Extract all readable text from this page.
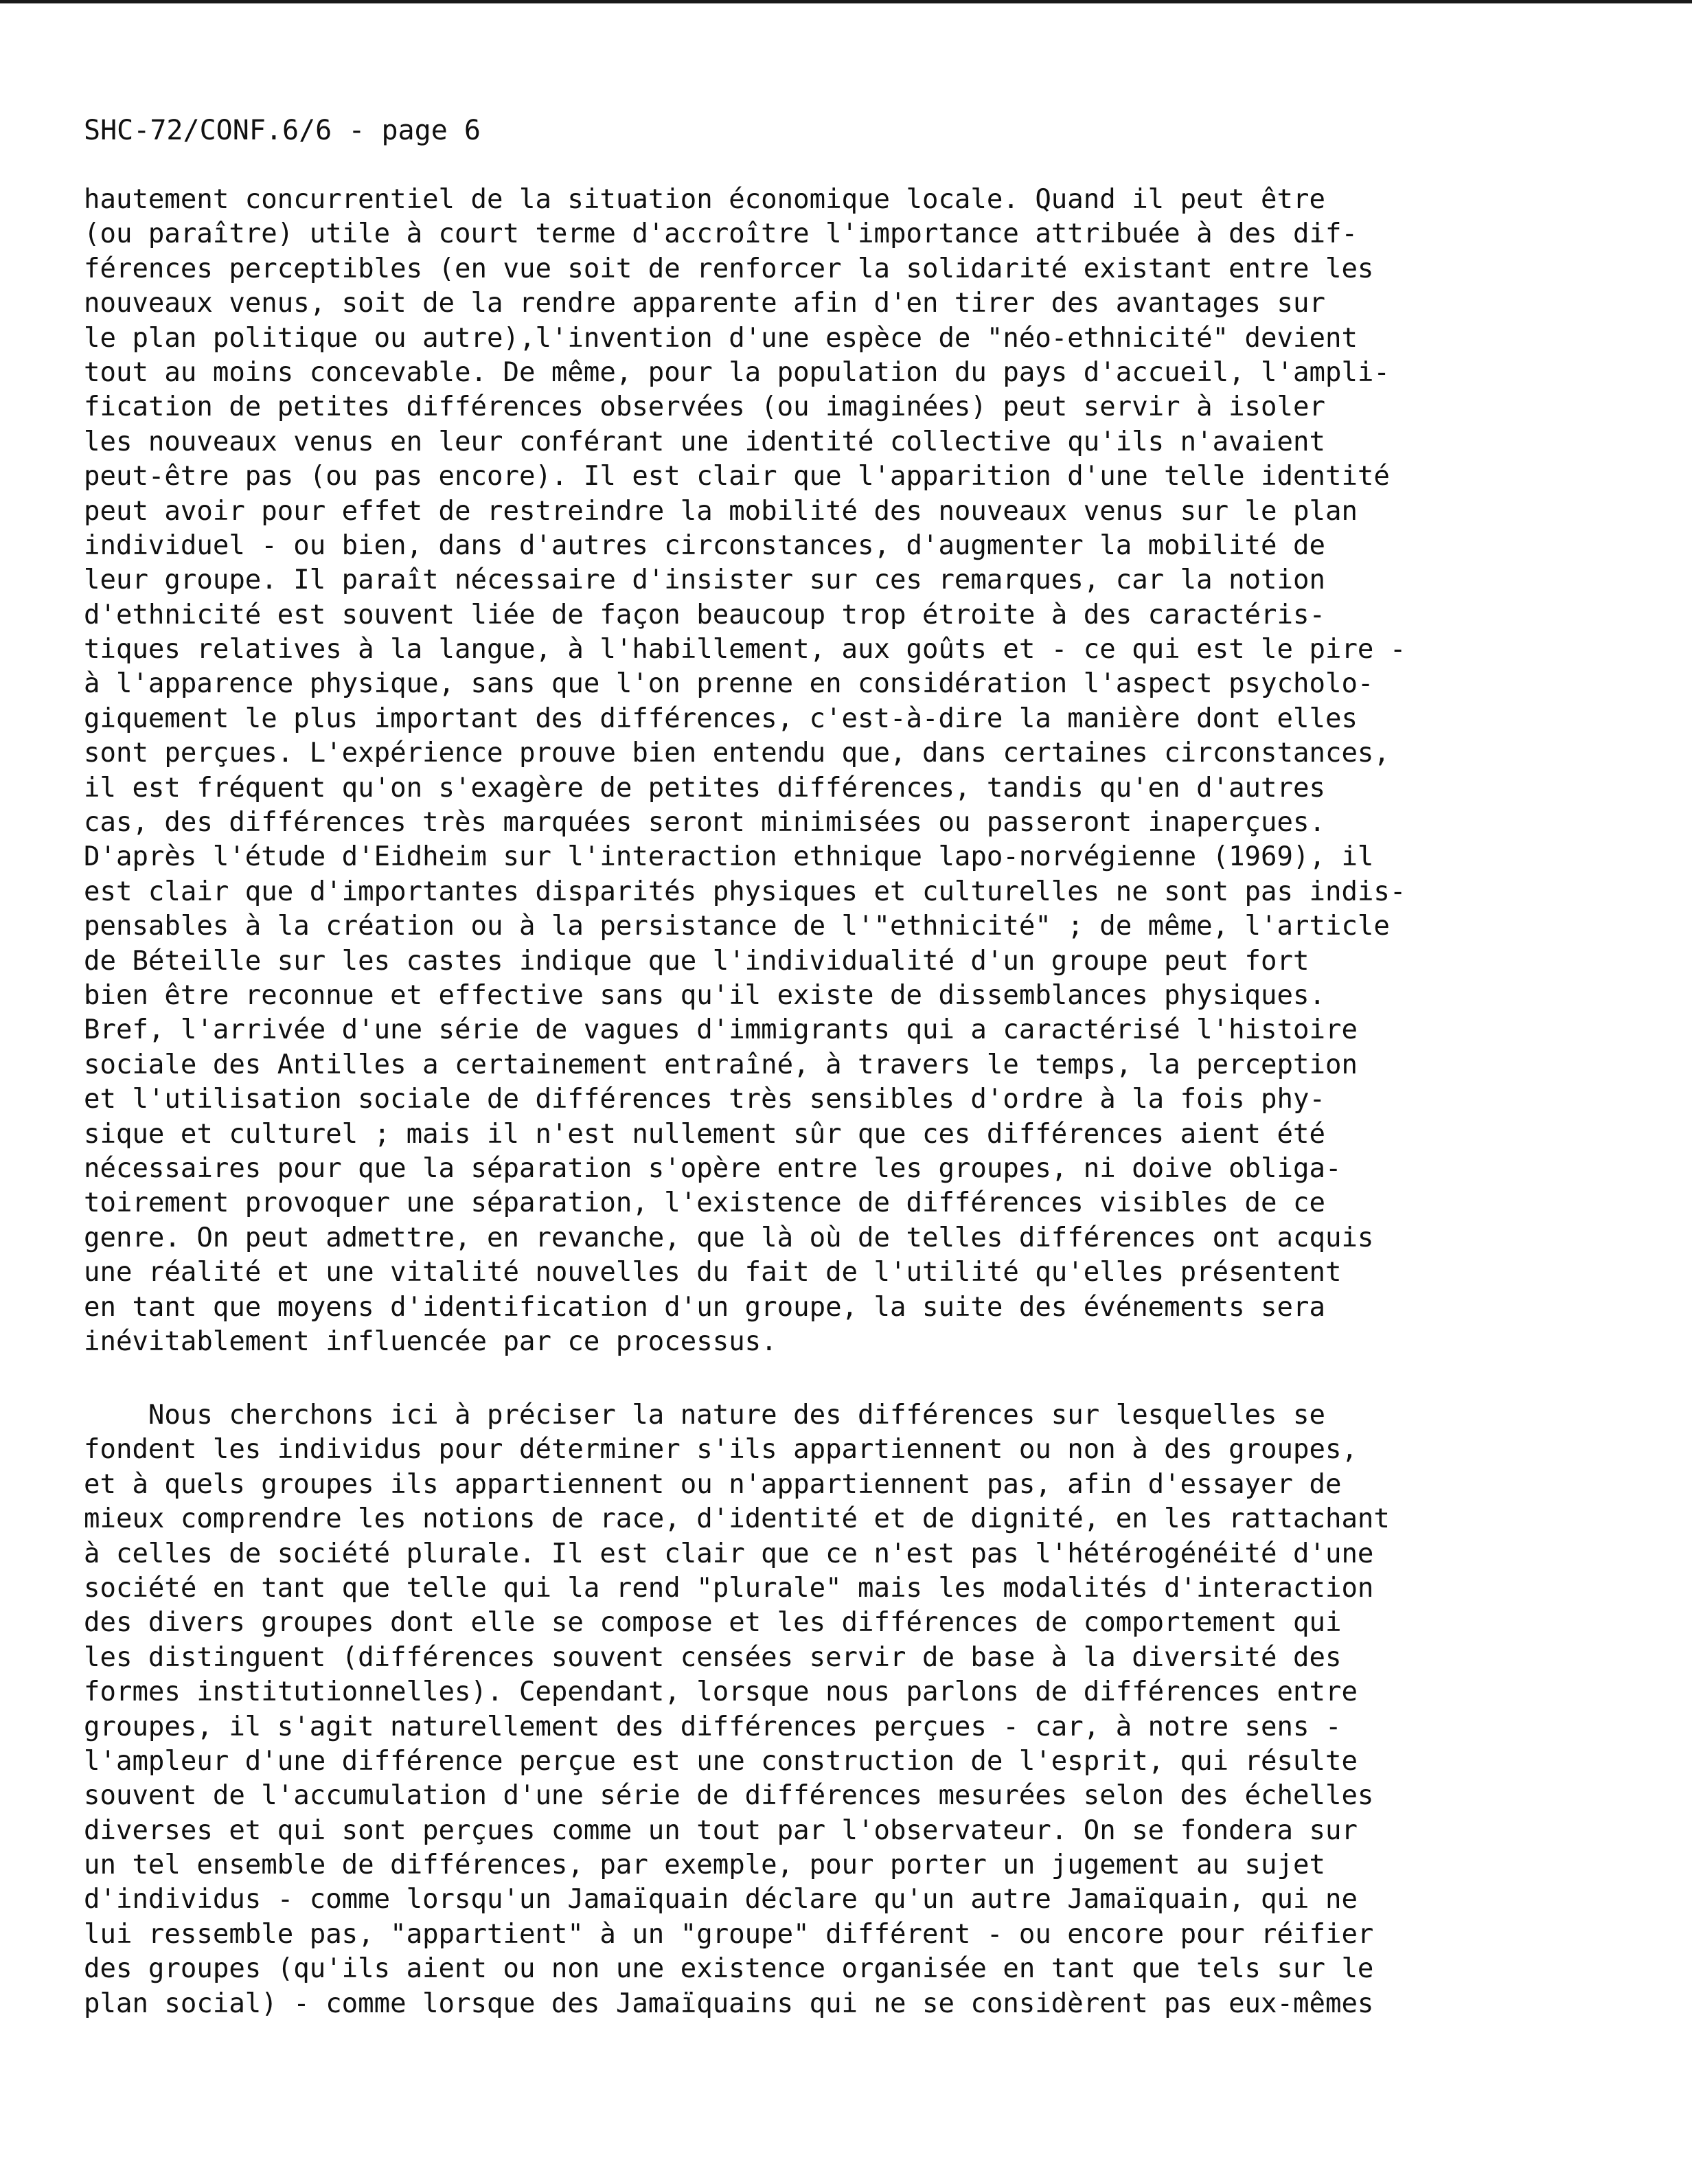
SHC-72/CONF.6/6 - page 6
hautement concurrentiel de la situation économique locale. Quand il peut être
(ou paraître) utile à court terme d'accroître l'importance attribuée à des dif-
férences perceptibles (en vue soit de renforcer la solidarité existant entre les
nouveaux venus, soit de la rendre apparente afin d'en tirer des avantages sur
le plan politique ou autre),l'invention d'une espèce de "néo-ethnicité" devient
tout au moins concevable. De même, pour la population du pays d'accueil, l'ampli-
fication de petites différences observées (ou imaginées) peut servir à isoler
les nouveaux venus en leur conférant une identité collective qu'ils n'avaient
peut-être pas (ou pas encore). Il est clair que l'apparition d'une telle identité
peut avoir pour effet de restreindre la mobilité des nouveaux venus sur le plan
individuel - ou bien, dans d'autres circonstances, d'augmenter la mobilité de
leur groupe. Il paraît nécessaire d'insister sur ces remarques, car la notion
d'ethnicité est souvent liée de façon beaucoup trop étroite à des caractéris-
tiques relatives à la langue, à l'habillement, aux goûts et - ce qui est le pire -
à l'apparence physique, sans que l'on prenne en considération l'aspect psycholo-
giquement le plus important des différences, c'est-à-dire la manière dont elles
sont perçues. L'expérience prouve bien entendu que, dans certaines circonstances,
il est fréquent qu'on s'exagère de petites différences, tandis qu'en d'autres
cas, des différences très marquées seront minimisées ou passeront inaperçues.
D'après l'étude d'Eidheim sur l'interaction ethnique lapo-norvégienne (1969), il
est clair que d'importantes disparités physiques et culturelles ne sont pas indis-
pensables à la création ou à la persistance de l'"ethnicité" ; de même, l'article
de Béteille sur les castes indique que l'individualité d'un groupe peut fort
bien être reconnue et effective sans qu'il existe de dissemblances physiques.
Bref, l'arrivée d'une série de vagues d'immigrants qui a caractérisé l'histoire
sociale des Antilles a certainement entraîné, à travers le temps, la perception
et l'utilisation sociale de différences très sensibles d'ordre à la fois phy-
sique et culturel ; mais il n'est nullement sûr que ces différences aient été
nécessaires pour que la séparation s'opère entre les groupes, ni doive obliga-
toirement provoquer une séparation, l'existence de différences visibles de ce
genre. On peut admettre, en revanche, que là où de telles différences ont acquis
une réalité et une vitalité nouvelles du fait de l'utilité qu'elles présentent
en tant que moyens d'identification d'un groupe, la suite des événements sera
inévitablement influencée par ce processus.
Nous cherchons ici à préciser la nature des différences sur lesquelles se
fondent les individus pour déterminer s'ils appartiennent ou non à des groupes,
et à quels groupes ils appartiennent ou n'appartiennent pas, afin d'essayer de
mieux comprendre les notions de race, d'identité et de dignité, en les rattachant
à celles de société plurale. Il est clair que ce n'est pas l'hétérogénéité d'une
société en tant que telle qui la rend "plurale" mais les modalités d'interaction
des divers groupes dont elle se compose et les différences de comportement qui
les distinguent (différences souvent censées servir de base à la diversité des
formes institutionnelles). Cependant, lorsque nous parlons de différences entre
groupes, il s'agit naturellement des différences perçues - car, à notre sens -
l'ampleur d'une différence perçue est une construction de l'esprit, qui résulte
souvent de l'accumulation d'une série de différences mesurées selon des échelles
diverses et qui sont perçues comme un tout par l'observateur. On se fondera sur
un tel ensemble de différences, par exemple, pour porter un jugement au sujet
d'individus - comme lorsqu'un Jamaïquain déclare qu'un autre Jamaïquain, qui ne
lui ressemble pas, "appartient" à un "groupe" différent - ou encore pour réifier
des groupes (qu'ils aient ou non une existence organisée en tant que tels sur le
plan social) - comme lorsque des Jamaïquains qui ne se considèrent pas eux-mêmes
